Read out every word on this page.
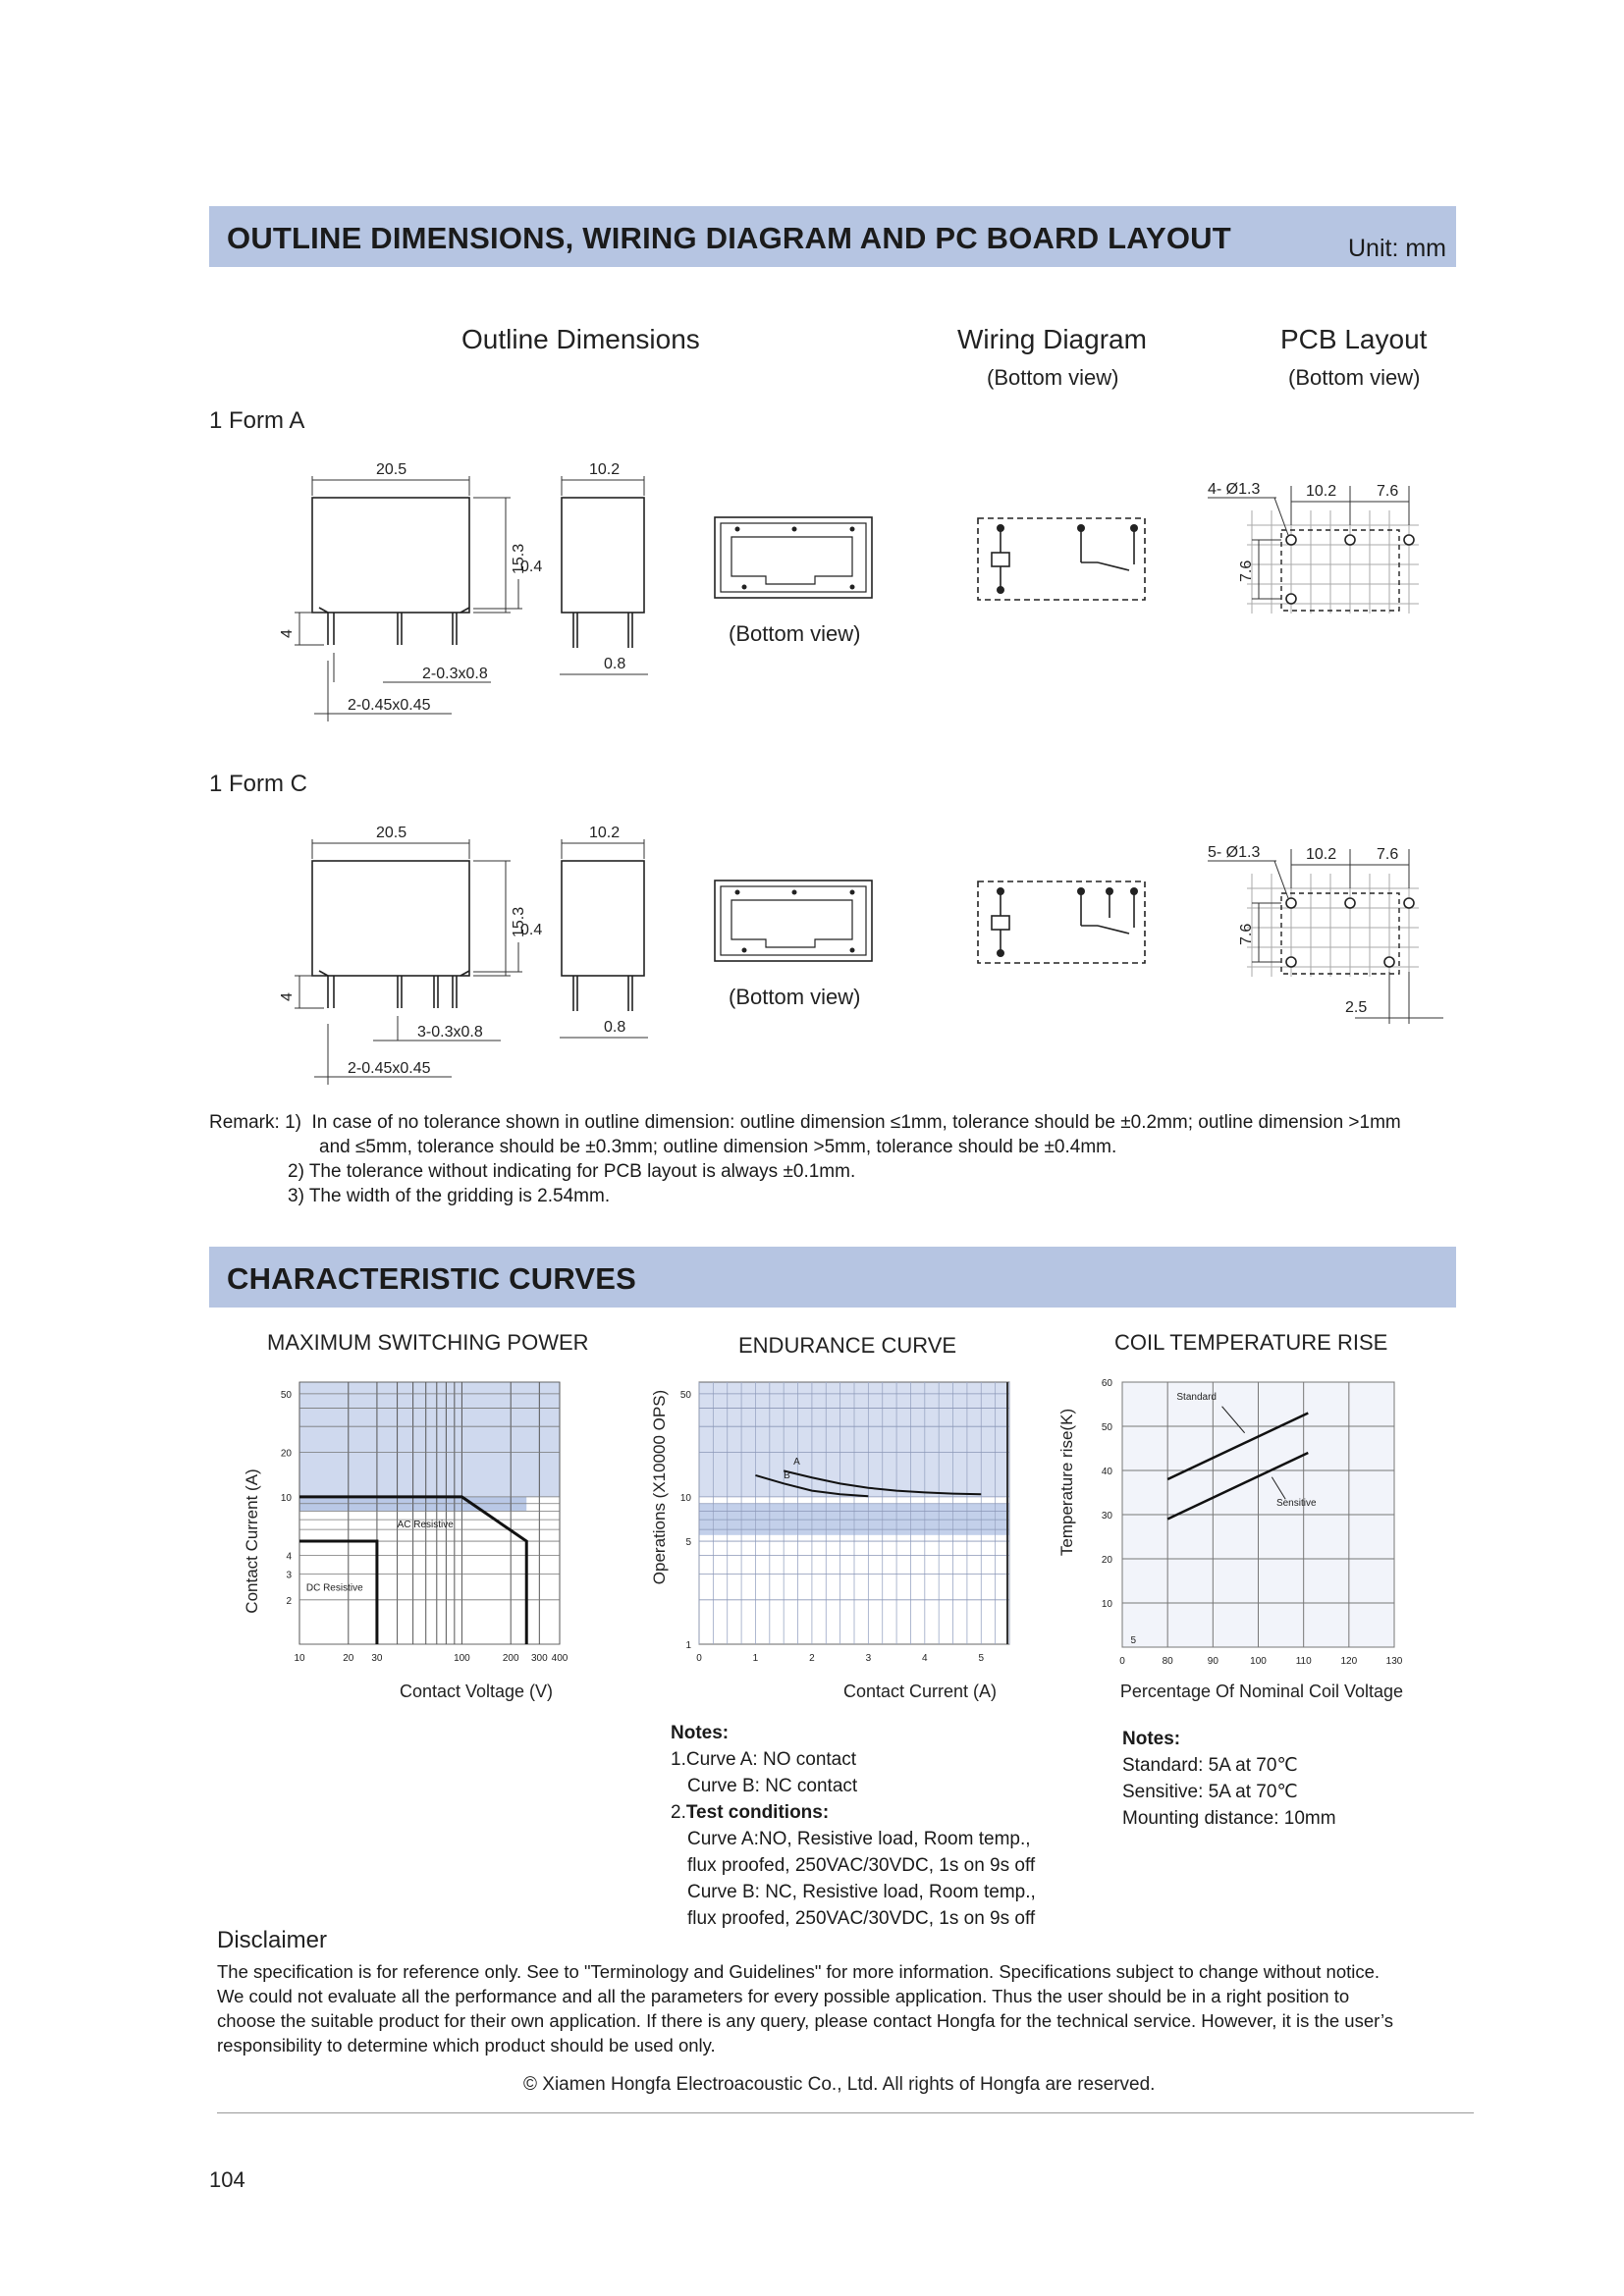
OUTLINE DIMENSIONS, WIRING DIAGRAM AND PC BOARD LAYOUT	Unit: mm
Outline Dimensions	Wiring Diagram
(Bottom view)
PCB Layout
(Bottom view)
1 Form A
20.5	10.2
15.3
0.4
4
2-0.3x0.8
2-0.45x0.45
0.8
(Bottom view)
4- Ø1.3	10.2	7.6
7.6
1 Form C
20.5	10.2
15.3
0.4
4
3-0.3x0.8
2-0.45x0.45
0.8
(Bottom view)
5- Ø1.3	10.2	7.6
7.6
2.5
Remark: 1) In case of no tolerance shown in outline dimension: outline dimension ≤1mm, tolerance should be ±0.2mm; outline dimension >1mm
and ≤5mm, tolerance should be ±0.3mm; outline dimension >5mm, tolerance should be ±0.4mm.
2) The tolerance without indicating for PCB layout is always ±0.1mm.
3) The width of the gridding is 2.54mm.
CHARACTERISTIC CURVES
MAXIMUM SWITCHING POWER	ENDURANCE CURVE	COIL TEMPERATURE RISE
Contact Current (A)
Contact Voltage (V)
10	20 30	100	200 300 400
2
3
4
10
20
50
AC Resistive
DC Resistive
Operations (X10000 OPS)
Contact Current (A)
0	1	2	3	4	5
1
5
10
50
A
B	Temperature rise(K)
Percentage Of Nominal Coil Voltage
0	80	90	100	110	120	130
5
10
20
30
40
50
60
Standard
Sensitive
Notes:
1.Curve A: NO contact
Curve B: NC contact
2.Test conditions:
Curve A:NO, Resistive load, Room temp.,
flux proofed, 250VAC/30VDC, 1s on 9s off
Curve B: NC, Resistive load, Room temp.,
flux proofed, 250VAC/30VDC, 1s on 9s off
Notes:
Standard: 5A at 70℃
Sensitive: 5A at 70℃
Mounting distance: 10mm
Disclaimer
The specification is for reference only. See to "Terminology and Guidelines" for more information. Specifications subject to change without notice.
We could not evaluate all the performance and all the parameters for every possible application. Thus the user should be in a right position to
choose the suitable product for their own application. If there is any query, please contact Hongfa for the technical service. However, it is the user’s
responsibility to determine which product should be used only.
© Xiamen Hongfa Electroacoustic Co., Ltd. All rights of Hongfa are reserved.
104
